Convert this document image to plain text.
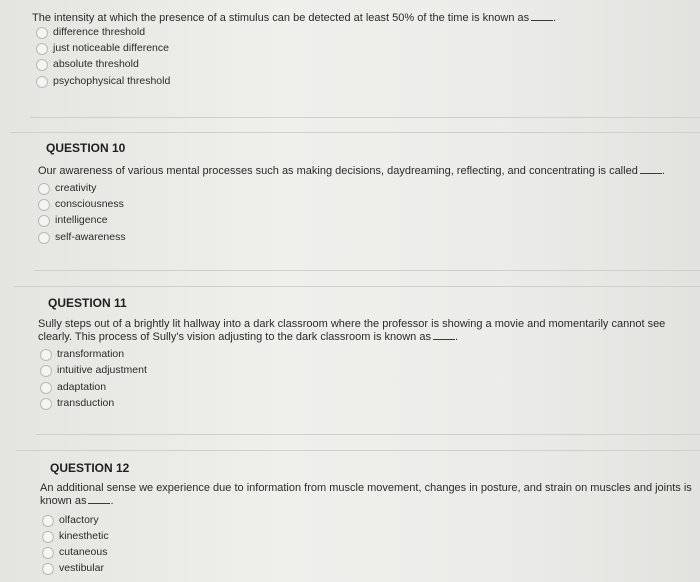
The intensity at which the presence of a stimulus can be detected at least 50% of the time is known as .
difference threshold
just noticeable difference
absolute threshold
psychophysical threshold
QUESTION 10
Our awareness of various mental processes such as making decisions, daydreaming, reflecting, and concentrating is called .
creativity
consciousness
intelligence
self-awareness
QUESTION 11
Sully steps out of a brightly lit hallway into a dark classroom where the professor is showing a movie and momentarily cannot see
clearly. This process of Sully's vision adjusting to the dark classroom is known as .
transformation
intuitive adjustment
adaptation
transduction
QUESTION 12
An additional sense we experience due to information from muscle movement, changes in posture, and strain on muscles and joints is
known as .
olfactory
kinesthetic
cutaneous
vestibular
